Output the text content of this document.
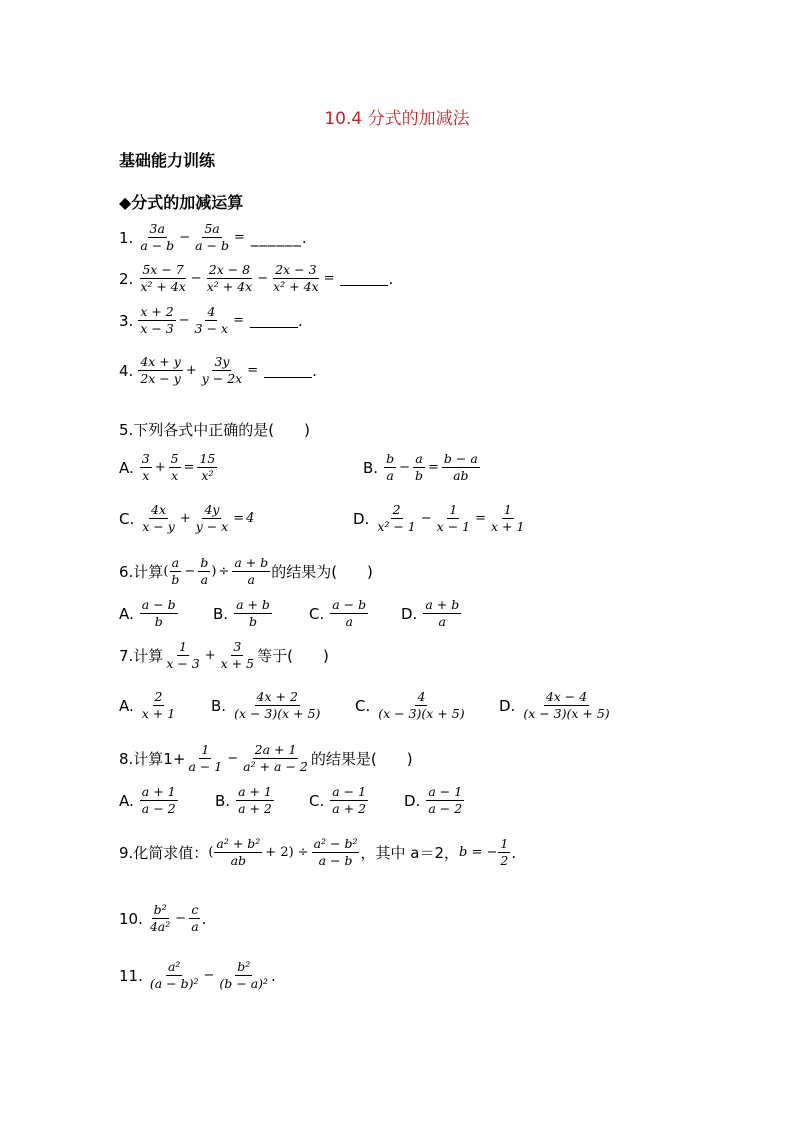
10.4 分式的加减法
基础能力训练
◆分式的加减运算
1. $\frac{3a}{a - b} - \frac{5a}{a - b}$ = ______.
2. $\frac{5x - 7}{\text{x² + 4x}} - \frac{2x - 8}{\text{x² + 4x}} - \frac{2x - 3}{\text{x² + 4x}}$ =	.
3. $\frac{x + 2}{x - 3} - \frac{4}{3 - x}$ =	.
4. $\frac{4x + y}{2x - y} + \frac{3y}{y - 2x}$ =	.
5.下列各式中正确的是(　　)
A. $\frac{3}{x} + \frac{5}{x} = \frac{15}{\text{x²}}$	B. $\frac{b}{a} - \frac{a}{b} = \frac{b - a}{ab}$
C. $\frac{4x}{x - y} + \frac{4y}{y - x} = 4$	D. $\frac{2}{\text{x² − 1}} - \frac{1}{x - 1} = \frac{1}{x + 1}$
6.计算 ( $\frac{a}{b} - \frac{b}{a}$ ) ÷ $\frac{a + b}{a}$ 的结果为(　　)
A. $\frac{a - b}{b} B$. $\frac{a + b}{b} C$. $\frac{a - b}{a} D$. $\frac{a + b}{a}$
7.计算 $\frac{1}{x - 3} + \frac{3}{x + 5}$ 等于(　　)
A. $\frac{2}{x + 1} B$. $\frac{4x + 2}{(x - 3)(x + 5)} C$. $\frac{4}{(x - 3)(x + 5)} D$. $\frac{4x - 4}{(x - 3)(x + 5)}$
8.计算$1+ \frac{1}{a - 1} - \frac{2a + 1}{\text{a² + a − 2}}$ 的结果是(　　)
A. $\frac{a + 1}{a - 2} B$. $\frac{a + 1}{a + 2} C$. $\frac{a - 1}{a + 2} D$. $\frac{a - 1}{a - 2}$
9.化简求值： ( $\frac{\text{a² + b²}}{ab} + 2) \div \frac{\text{a² − b²}}{a - b}$ ，其中 a＝2， b = − $\frac{1}{2}$ .
10. $\frac{\text{b²}}{\text{4a²}} - \frac{c}{a}$ .
11. $\frac{\text{a²}}{\text{(a − b)²}} - \frac{\text{b²}}{\text{(b − a)²}}$ .
